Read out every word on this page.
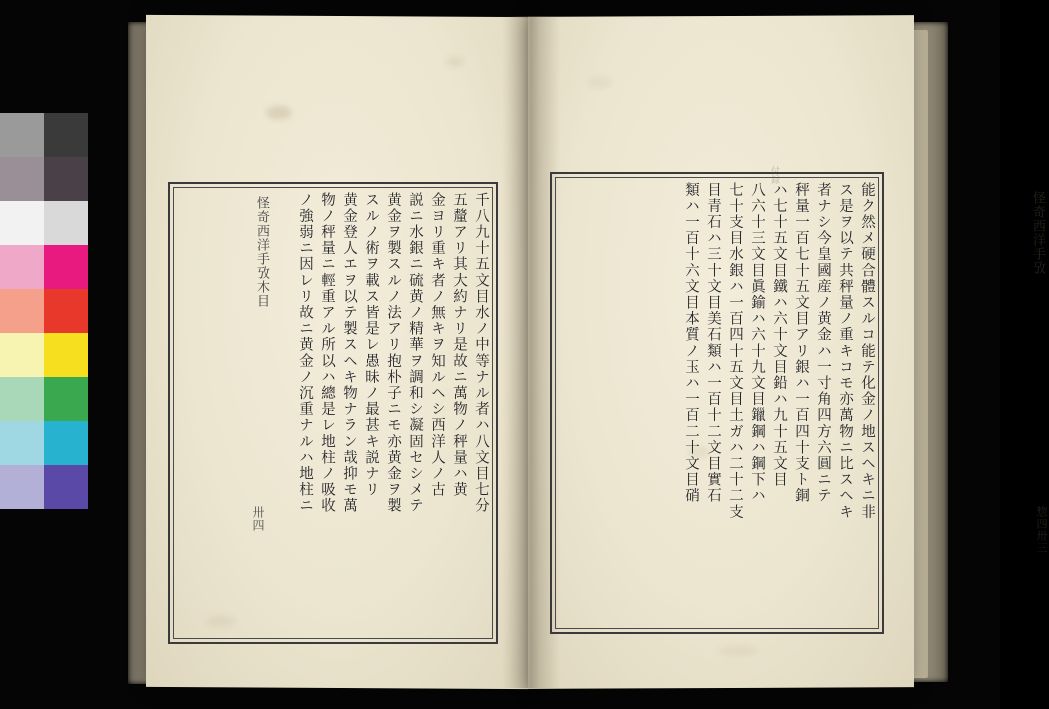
千八九十五文目水ノ中等ナル者ハ八文目七分
五釐アリ其大約ナリ是故ニ萬物ノ秤量ハ黄
金ヨリ重キ者ノ無キヲ知ルヘシ西洋人ノ古
説ニ水銀ニ硫黄ノ精華ヲ調和シ凝固セシメテ
黄金ヲ製スルノ法アリ抱朴子ニモ亦黄金ヲ製
スルノ術ヲ載ス皆是レ愚昧ノ最甚キ説ナリ
黄金登人エヲ以テ製スヘキ物ナラン哉抑モ萬
物ノ秤量ニ輕重アル所以ハ總是レ地柱ノ吸收
ノ強弱ニ因レリ故ニ黄金ノ沉重ナルハ地柱ニ	能ク然メ硬合體スルコ能テ化金ノ地スヘキニ非
ス是ヲ以テ共秤量ノ重キコモ亦萬物ニ比スヘキ
者ナシ今皇國産ノ黄金ハ一寸角四方六圓ニテ
秤量一百七十五文目アリ銀ハ一百四十支ト銅
ハ七十五文目鐵ハ六十文目鉛ハ九十五文目
八六十三文目眞鍮ハ六十九文目鑞鋼ハ鋼下ハ
七十支目水銀ハ一百四十五文目土ガハ二十二支
目青石ハ三十文目美石類ハ一百十二文目實石
類ハ一百十六文目本質ノ玉ハ一百二十文目硝
怪奇西洋手攷木目
卅四
怪奇西洋手攷
惣四卅三
付録
